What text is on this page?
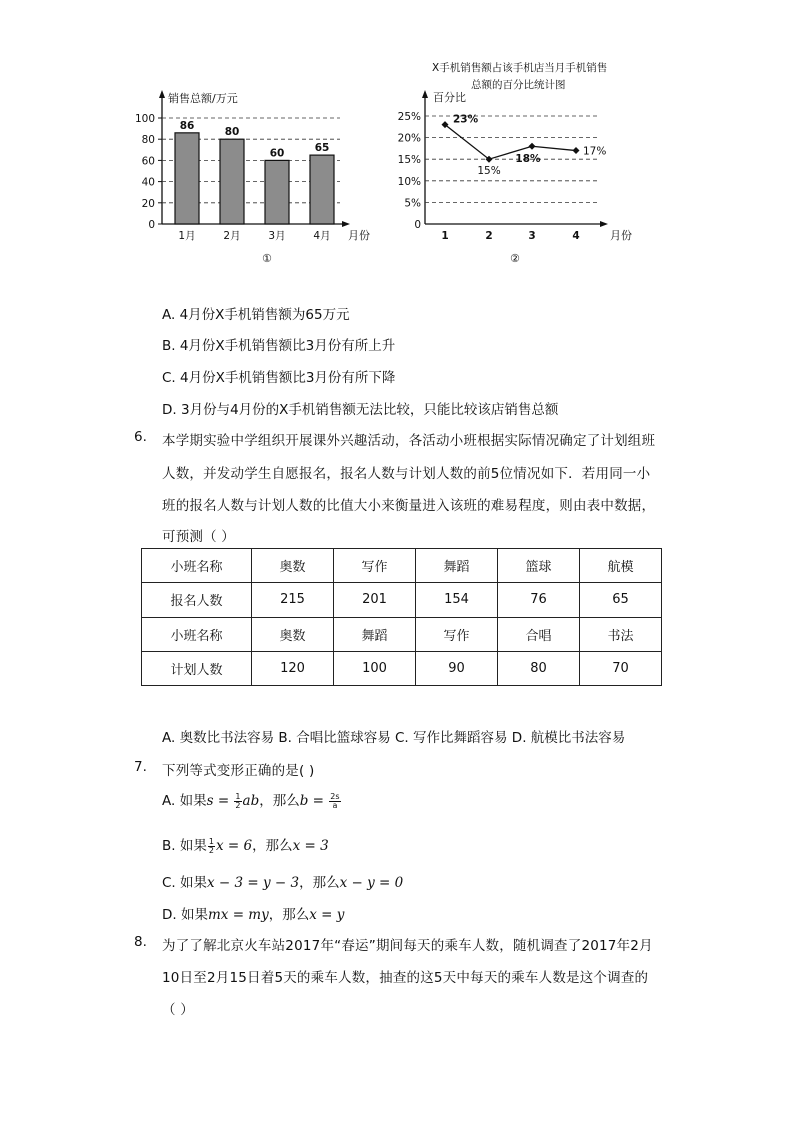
销售总额/万元
月份
①
0
20
40
60
80
100
86
1月
80
2月
60
3月
65
4月
X手机销售额占该手机店当月手机销售
总额的百分比统计图
百分比
月份
②
0
5%
10%
15%
20%
25%	23%
1
15%
2
18%
3
17%
4
A. 4月份X手机销售额为65万元
B. 4月份X手机销售额比3月份有所上升
C. 4月份X手机销售额比3月份有所下降
D. 3月份与4月份的X手机销售额无法比较，只能比较该店销售总额
6. 本学期实验中学组织开展课外兴趣活动，各活动小班根据实际情况确定了计划组班
人数，并发动学生自愿报名，报名人数与计划人数的前5位情况如下．若用同一小
班的报名人数与计划人数的比值大小来衡量进入该班的难易程度，则由表中数据，
可预测（ ）
小班名称	奥数	写作	舞蹈	篮球	航模
报名人数	215	201	154	76	65
小班名称	奥数	舞蹈	写作	合唱	书法
计划人数	120	100	90	80	70
A. 奥数比书法容易 B. 合唱比篮球容易 C. 写作比舞蹈容易 D. 航模比书法容易
7. 下列等式变形正确的是( )
A. 如果$s = \frac{1}{2}$ ab，那么$b = \frac{2s}{a}$
B. 如果 $\frac{1}{2}$ x = 6，那么x = 3
C. 如果x − 3 = y − 3，那么x − y = 0
D. 如果mx = my，那么x = y
8. 为了了解北京火车站2017年“春运”期间每天的乘车人数，随机调查了2017年2月
10日至2月15日着5天的乘车人数，抽查的这5天中每天的乘车人数是这个调查的
（ ）
